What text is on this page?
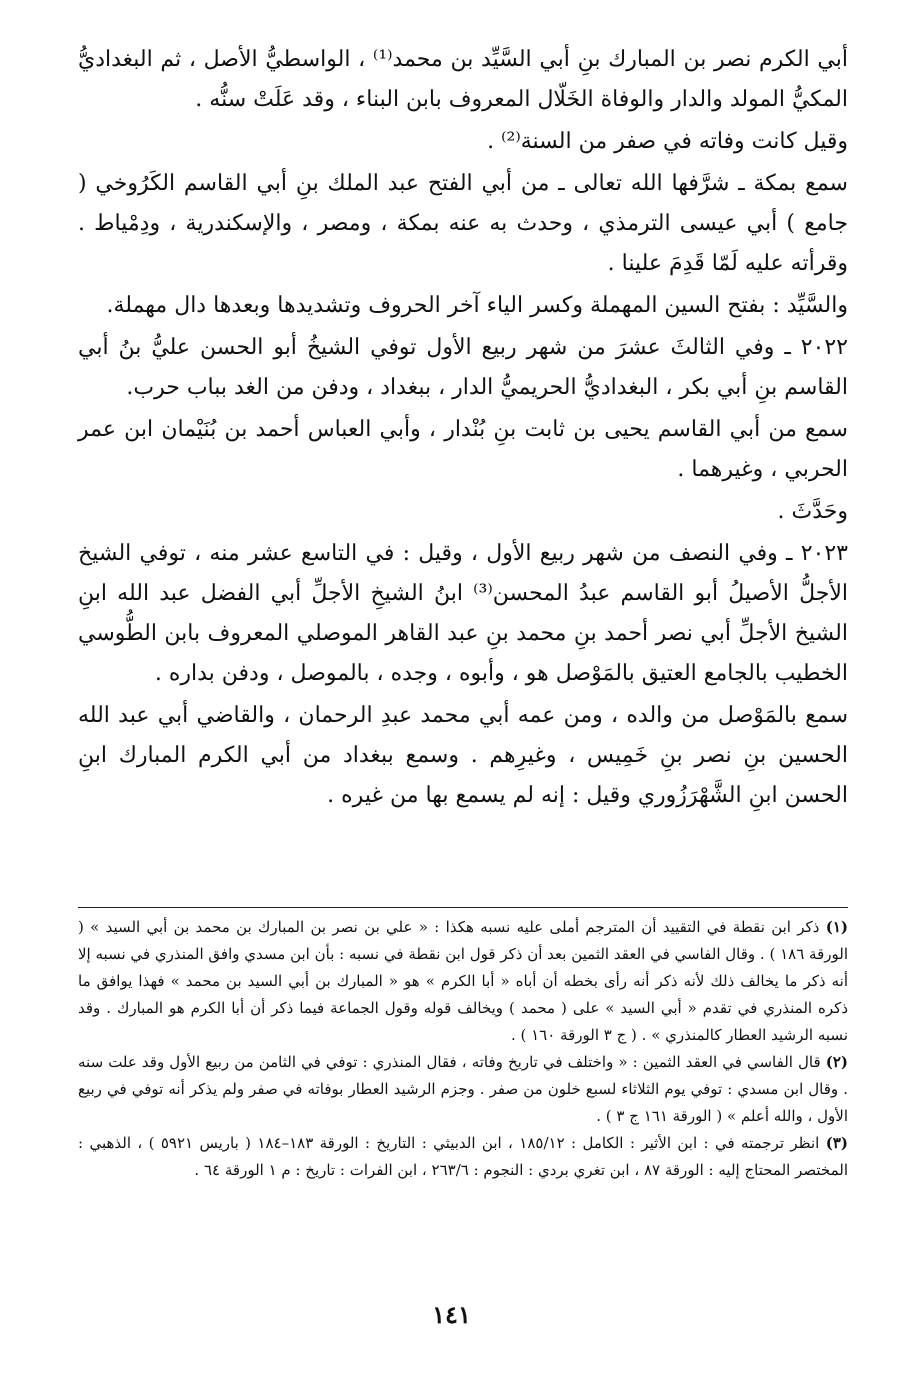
أبي الكرم نصر بن المبارك بنِ أبي السَّيِّد بن محمد⁽¹⁾ ، الواسطيُّ الأصل ، ثم البغداديُّ المكيُّ المولد والدار والوفاة الخَلّال المعروف بابن البناء ، وقد عَلَتْ سنُّه .

وقيل كانت وفاته في صفر من السنة⁽²⁾ .

سمع بمكة ـ شرَّفها الله تعالى ـ من أبي الفتح عبد الملك بنِ أبي القاسم الكَرُوخي ( جامع ) أبي عيسى الترمذي ، وحدث به عنه بمكة ، ومصر ، والإسكندرية ، ودِمْياط . وقرأته عليه لَمّا قَدِمَ علينا .

والسَّيِّد : بفتح السين المهملة وكسر الياء آخر الحروف وتشديدها وبعدها دال مهملة.

٢٠٢٢ ـ وفي الثالثَ عشرَ من شهر ربيع الأول توفي الشيخُ أبو الحسن عليُّ بنُ أبي القاسم بنِ أبي بكر ، البغداديُّ الحريميُّ الدار ، ببغداد ، ودفن من الغد بباب حرب.

سمع من أبي القاسم يحيى بن ثابت بنِ بُنْدار ، وأبي العباس أحمد بن بُنَيْمان ابن عمر الحربي ، وغيرهما .

وحَدَّثَ .

٢٠٢٣ ـ وفي النصف من شهر ربيع الأول ، وقيل : في التاسع عشر منه ، توفي الشيخ الأجلُّ الأصيلُ أبو القاسم عبدُ المحسن⁽³⁾ ابنُ الشيخِ الأجلِّ أبي الفضل عبد الله ابنِ الشيخ الأجلِّ أبي نصر أحمد بنِ محمد بنِ عبد القاهر الموصلي المعروف بابن الطُّوسي الخطيب بالجامع العتيق بالمَوْصل هو ، وأبوه ، وجده ، بالموصل ، ودفن بداره .

سمع بالمَوْصل من والده ، ومن عمه أبي محمد عبدِ الرحمان ، والقاضي أبي عبد الله الحسين بنِ نصر بنِ خَمِيس ، وغيرِهم . وسمع ببغداد من أبي الكرم المبارك ابنِ الحسن ابنِ الشَّهْرَزُوري وقيل : إنه لم يسمع بها من غيره .

(١) ذكر ابن نقطة في التقييد أن المترجم أملى عليه نسبه هكذا : « علي بن نصر بن المبارك بن محمد بن أبي السيد » ( الورقة ١٨٦ ) . وقال الفاسي في العقد الثمين بعد أن ذكر قول ابن نقطة في نسبه : بأن ابن مسدي وافق المنذري في نسبه إلا أنه ذكر ما يخالف ذلك لأنه ذكر أنه رأى بخطه أن أباه « أبا الكرم » هو « المبارك بن أبي السيد بن محمد » فهذا يوافق ما ذكره المنذري في تقدم « أبي السيد » على ( محمد ) ويخالف قوله وقول الجماعة فيما ذكر أن أبا الكرم هو المبارك . وقد نسبه الرشيد العطار كالمنذري » . ( ج ٣ الورقة ١٦٠ ) .

(٢) قال الفاسي في العقد الثمين : « واختلف في تاريخ وفاته ، فقال المنذري : توفي في الثامن من ربيع الأول وقد علت سنه . وقال ابن مسدي : توفي يوم الثلاثاء لسبع خلون من صفر . وجزم الرشيد العطار بوفاته في صفر ولم يذكر أنه توفي في ربيع الأول ، والله أعلم » ( الورقة ١٦١ ج ٣ ) .

(٣) انظر ترجمته في : ابن الأثير : الكامل : ١٨٥/١٢ ، ابن الدبيثي : التاريخ : الورقة ١٨٣–١٨٤ ( باريس ٥٩٢١ ) ، الذهبي : المختصر المحتاج إليه : الورقة ٨٧ ، ابن تغري بردي : النجوم : ٢٦٣/٦ ، ابن الفرات : تاريخ : م ١ الورقة ٦٤ .

١٤١
